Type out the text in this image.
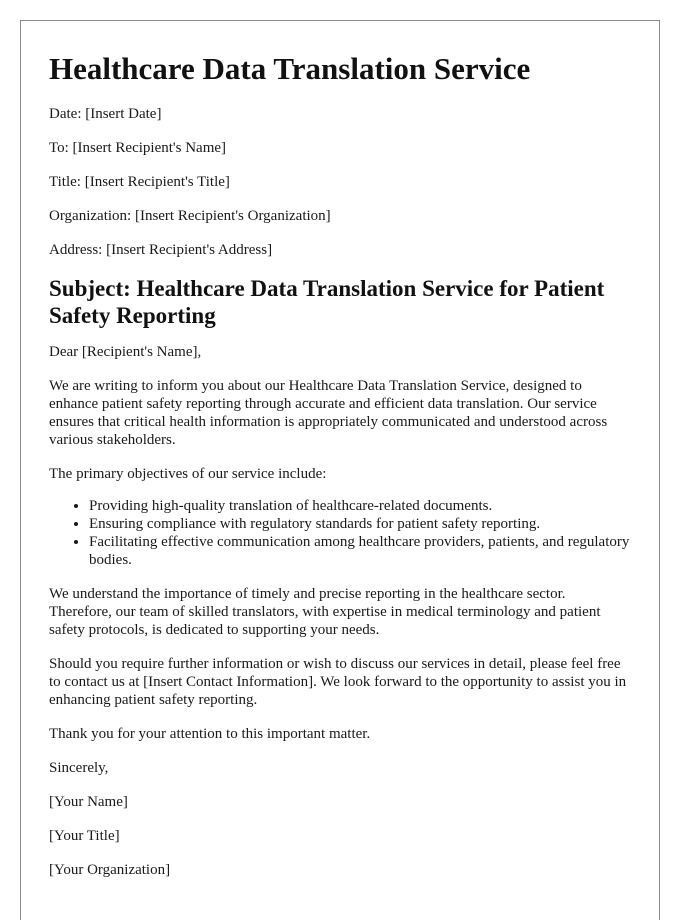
Healthcare Data Translation Service

Date: [Insert Date]

To: [Insert Recipient's Name]

Title: [Insert Recipient's Title]

Organization: [Insert Recipient's Organization]

Address: [Insert Recipient's Address]

Subject: Healthcare Data Translation Service for Patient Safety Reporting

Dear [Recipient's Name],

We are writing to inform you about our Healthcare Data Translation Service, designed to enhance patient safety reporting through accurate and efficient data translation. Our service ensures that critical health information is appropriately communicated and understood across various stakeholders.

The primary objectives of our service include:

• Providing high-quality translation of healthcare-related documents.
• Ensuring compliance with regulatory standards for patient safety reporting.
• Facilitating effective communication among healthcare providers, patients, and regulatory bodies.

We understand the importance of timely and precise reporting in the healthcare sector. Therefore, our team of skilled translators, with expertise in medical terminology and patient safety protocols, is dedicated to supporting your needs.

Should you require further information or wish to discuss our services in detail, please feel free to contact us at [Insert Contact Information]. We look forward to the opportunity to assist you in enhancing patient safety reporting.

Thank you for your attention to this important matter.

Sincerely,

[Your Name]

[Your Title]

[Your Organization]
